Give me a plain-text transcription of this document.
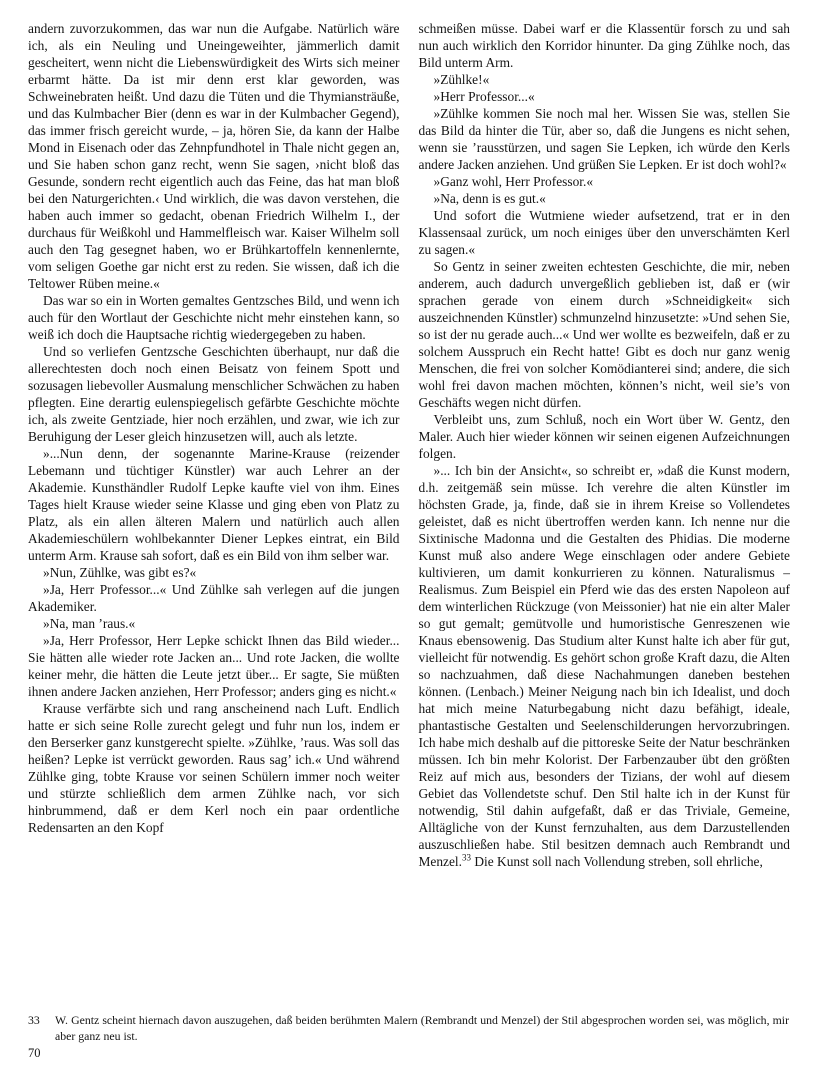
andern zuvorzukommen, das war nun die Aufgabe. Natürlich wäre ich, als ein Neuling und Uneingeweihter, jämmerlich damit gescheitert, wenn nicht die Liebenswürdigkeit des Wirts sich meiner erbarmt hätte. Da ist mir denn erst klar geworden, was Schweinebraten heißt. Und dazu die Tüten und die Thymiansträuße, und das Kulmbacher Bier (denn es war in der Kulmbacher Gegend), das immer frisch gereicht wurde, – ja, hören Sie, da kann der Halbe Mond in Eisenach oder das Zehnpfundhotel in Thale nicht gegen an, und Sie haben schon ganz recht, wenn Sie sagen, ›nicht bloß das Gesunde, sondern recht eigentlich auch das Feine, das hat man bloß bei den Naturgerichten.‹ Und wirklich, die was davon verstehen, die haben auch immer so gedacht, obenan Friedrich Wilhelm I., der durchaus für Weißkohl und Hammelfleisch war. Kaiser Wilhelm soll auch den Tag gesegnet haben, wo er Brühkartoffeln kennenlernte, vom seligen Goethe gar nicht erst zu reden. Sie wissen, daß ich die Teltower Rüben meine.«

Das war so ein in Worten gemaltes Gentzsches Bild, und wenn ich auch für den Wortlaut der Geschichte nicht mehr einstehen kann, so weiß ich doch die Hauptsache richtig wiedergegeben zu haben.

Und so verliefen Gentzsche Geschichten überhaupt, nur daß die allerechtesten doch noch einen Beisatz von feinem Spott und sozusagen liebevoller Ausmalung menschlicher Schwächen zu haben pflegten. Eine derartig eulenspiegelisch gefärbte Geschichte möchte ich, als zweite Gentziade, hier noch erzählen, und zwar, wie ich zur Beruhigung der Leser gleich hinzusetzen will, auch als letzte.

»...Nun denn, der sogenannte Marine-Krause (reizender Lebemann und tüchtiger Künstler) war auch Lehrer an der Akademie. Kunsthändler Rudolf Lepke kaufte viel von ihm. Eines Tages hielt Krause wieder seine Klasse und ging eben von Platz zu Platz, als ein allen älteren Malern und natürlich auch allen Akademieschülern wohlbekannter Diener Lepkes eintrat, ein Bild unterm Arm. Krause sah sofort, daß es ein Bild von ihm selber war.

»Nun, Zühlke, was gibt es?«

»Ja, Herr Professor...« Und Zühlke sah verlegen auf die jungen Akademiker.

»Na, man ’raus.«

»Ja, Herr Professor, Herr Lepke schickt Ihnen das Bild wieder... Sie hätten alle wieder rote Jacken an... Und rote Jacken, die wollte keiner mehr, die hätten die Leute jetzt über... Er sagte, Sie müßten ihnen andere Jacken anziehen, Herr Professor; anders ging es nicht.«

Krause verfärbte sich und rang anscheinend nach Luft. Endlich hatte er sich seine Rolle zurecht gelegt und fuhr nun los, indem er den Berserker ganz kunstgerecht spielte. »Zühlke, ’raus. Was soll das heißen? Lepke ist verrückt geworden. Raus sag’ ich.« Und während Zühlke ging, tobte Krause vor seinen Schülern immer noch weiter und stürzte schließlich dem armen Zühlke nach, vor sich hinbrummend, daß er dem Kerl noch ein paar ordentliche Redensarten an den Kopf

schmeißen müsse. Dabei warf er die Klassentür forsch zu und sah nun auch wirklich den Korridor hinunter. Da ging Zühlke noch, das Bild unterm Arm.

»Zühlke!«

»Herr Professor...«

»Zühlke kommen Sie noch mal her. Wissen Sie was, stellen Sie das Bild da hinter die Tür, aber so, daß die Jungens es nicht sehen, wenn sie ’rausstürzen, und sagen Sie Lepken, ich würde den Kerls andere Jacken anziehen. Und grüßen Sie Lepken. Er ist doch wohl?«

»Ganz wohl, Herr Professor.«

»Na, denn is es gut.«

Und sofort die Wutmiene wieder aufsetzend, trat er in den Klassensaal zurück, um noch einiges über den unverschämten Kerl zu sagen.«

So Gentz in seiner zweiten echtesten Geschichte, die mir, neben anderem, auch dadurch unvergeßlich geblieben ist, daß er (wir sprachen gerade von einem durch »Schneidigkeit« sich auszeichnenden Künstler) schmunzelnd hinzusetzte: »Und sehen Sie, so ist der nu gerade auch...« Und wer wollte es bezweifeln, daß er zu solchem Ausspruch ein Recht hatte! Gibt es doch nur ganz wenig Menschen, die frei von solcher Komödianterei sind; andere, die sich wohl frei davon machen möchten, können’s nicht, weil sie’s von Geschäfts wegen nicht dürfen.

Verbleibt uns, zum Schluß, noch ein Wort über W. Gentz, den Maler. Auch hier wieder können wir seinen eigenen Aufzeichnungen folgen.

»... Ich bin der Ansicht«, so schreibt er, »daß die Kunst modern, d.h. zeitgemäß sein müsse. Ich verehre die alten Künstler im höchsten Grade, ja, finde, daß sie in ihrem Kreise so Vollendetes geleistet, daß es nicht übertroffen werden kann. Ich nenne nur die Sixtinische Madonna und die Gestalten des Phidias. Die moderne Kunst muß also andere Wege einschlagen oder andere Gebiete kultivieren, um damit konkurrieren zu können. Naturalismus – Realismus. Zum Beispiel ein Pferd wie das des ersten Napoleon auf dem winterlichen Rückzuge (von Meissonier) hat nie ein alter Maler so gut gemalt; gemütvolle und humoristische Genreszenen wie Knaus ebensowenig. Das Studium alter Kunst halte ich aber für gut, vielleicht für notwendig. Es gehört schon große Kraft dazu, die Alten so nachzuahmen, daß diese Nachahmungen daneben bestehen können. (Lenbach.) Meiner Neigung nach bin ich Idealist, und doch hat mich meine Naturbegabung nicht dazu befähigt, ideale, phantastische Gestalten und Seelenschilderungen hervorzubringen. Ich habe mich deshalb auf die pittoreske Seite der Natur beschränken müssen. Ich bin mehr Kolorist. Der Farbenzauber übt den größten Reiz auf mich aus, besonders der Tizians, der wohl auf diesem Gebiet das Vollendetste schuf. Den Stil halte ich in der Kunst für notwendig, Stil dahin aufgefaßt, daß er das Triviale, Gemeine, Alltägliche von der Kunst fernzuhalten, aus dem Darzustellenden auszuschließen habe. Stil besitzen demnach auch Rembrandt und Menzel.$^{33}$ Die Kunst soll nach Vollendung streben, soll ehrliche,

33 W. Gentz scheint hiernach davon auszugehen, daß beiden berühmten Malern (Rembrandt und Menzel) der Stil abgesprochen worden sei, was möglich, mir aber ganz neu ist.
70
